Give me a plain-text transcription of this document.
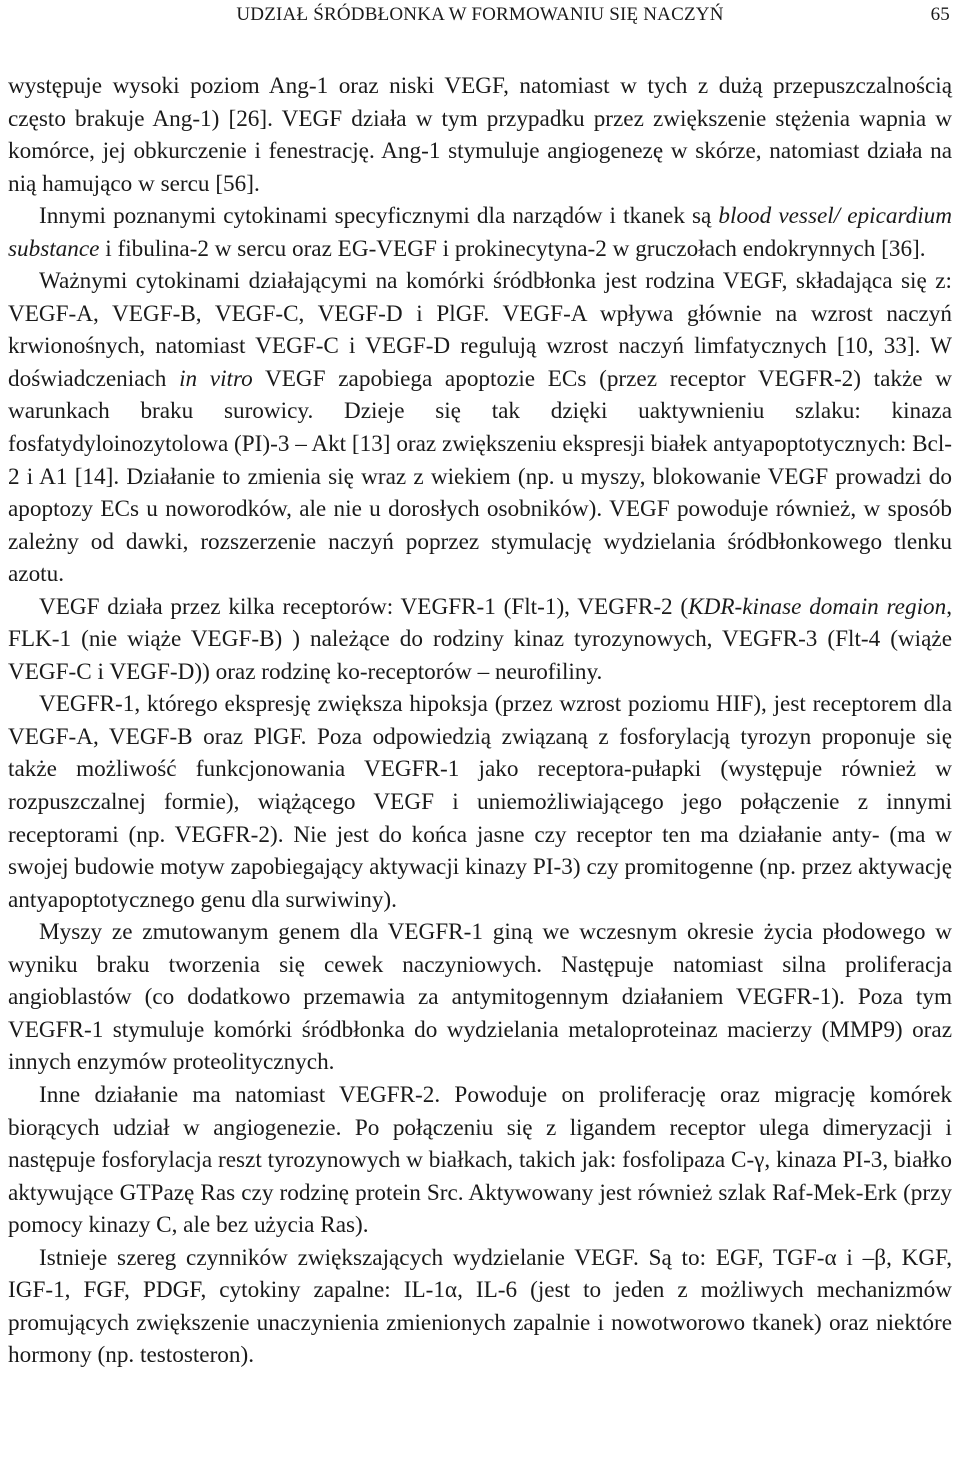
UDZIAŁ ŚRÓDBŁONKA W FORMOWANIU SIĘ NACZYŃ	65

występuje wysoki poziom Ang-1 oraz niski VEGF, natomiast w tych z dużą przepuszczalnością często brakuje Ang-1) [26]. VEGF działa w tym przypadku przez zwiększenie stężenia wapnia w komórce, jej obkurczenie i fenestrację. Ang-1 stymuluje angiogenezę w skórze, natomiast działa na nią hamująco w sercu [56].

Innymi poznanymi cytokinami specyficznymi dla narządów i tkanek są blood vessel/ epicardium substance i fibulina-2 w sercu oraz EG-VEGF i prokinecytyna-2 w gruczołach endokrynnych [36].

Ważnymi cytokinami działającymi na komórki śródbłonka jest rodzina VEGF, składająca się z: VEGF-A, VEGF-B, VEGF-C, VEGF-D i PlGF. VEGF-A wpływa głównie na wzrost naczyń krwionośnych, natomiast VEGF-C i VEGF-D regulują wzrost naczyń limfatycznych [10, 33]. W doświadczeniach in vitro VEGF zapobiega apoptozie ECs (przez receptor VEGFR-2) także w warunkach braku surowicy. Dzieje się tak dzięki uaktywnieniu szlaku: kinaza fosfatydyloinozytolowa (PI)-3 – Akt [13] oraz zwiększeniu ekspresji białek antyapoptotycznych: Bcl-2 i A1 [14]. Działanie to zmienia się wraz z wiekiem (np. u myszy, blokowanie VEGF prowadzi do apoptozy ECs u noworodków, ale nie u dorosłych osobników). VEGF powoduje również, w sposób zależny od dawki, rozszerzenie naczyń poprzez stymulację wydzielania śródbłonkowego tlenku azotu.

VEGF działa przez kilka receptorów: VEGFR-1 (Flt-1), VEGFR-2 (KDR-kinase domain region, FLK-1 (nie wiąże VEGF-B) ) należące do rodziny kinaz tyrozynowych, VEGFR-3 (Flt-4 (wiąże VEGF-C i VEGF-D)) oraz rodzinę ko-receptorów – neurofiliny.

VEGFR-1, którego ekspresję zwiększa hipoksja (przez wzrost poziomu HIF), jest receptorem dla VEGF-A, VEGF-B oraz PlGF. Poza odpowiedzią związaną z fosforylacją tyrozyn proponuje się także możliwość funkcjonowania VEGFR-1 jako receptora-pułapki (występuje również w rozpuszczalnej formie), wiążącego VEGF i uniemożliwiającego jego połączenie z innymi receptorami (np. VEGFR-2). Nie jest do końca jasne czy receptor ten ma działanie anty- (ma w swojej budowie motyw zapobiegający aktywacji kinazy PI-3) czy promitogenne (np. przez aktywację antyapoptotycznego genu dla surwiwiny).

Myszy ze zmutowanym genem dla VEGFR-1 giną we wczesnym okresie życia płodowego w wyniku braku tworzenia się cewek naczyniowych. Następuje natomiast silna proliferacja angioblastów (co dodatkowo przemawia za antymitogennym działaniem VEGFR-1). Poza tym VEGFR-1 stymuluje komórki śródbłonka do wydzielania metaloproteinaz macierzy (MMP9) oraz innych enzymów proteolitycznych.

Inne działanie ma natomiast VEGFR-2. Powoduje on proliferację oraz migrację komórek biorących udział w angiogenezie. Po połączeniu się z ligandem receptor ulega dimeryzacji i następuje fosforylacja reszt tyrozynowych w białkach, takich jak: fosfolipaza C-γ, kinaza PI-3, białko aktywujące GTPazę Ras czy rodzinę protein Src. Aktywowany jest również szlak Raf-Mek-Erk (przy pomocy kinazy C, ale bez użycia Ras).

Istnieje szereg czynników zwiększających wydzielanie VEGF. Są to: EGF, TGF-α i –β, KGF, IGF-1, FGF, PDGF, cytokiny zapalne: IL-1α, IL-6 (jest to jeden z możliwych mechanizmów promujących zwiększenie unaczynienia zmienionych zapalnie i nowotworowo tkanek) oraz niektóre hormony (np. testosteron).
